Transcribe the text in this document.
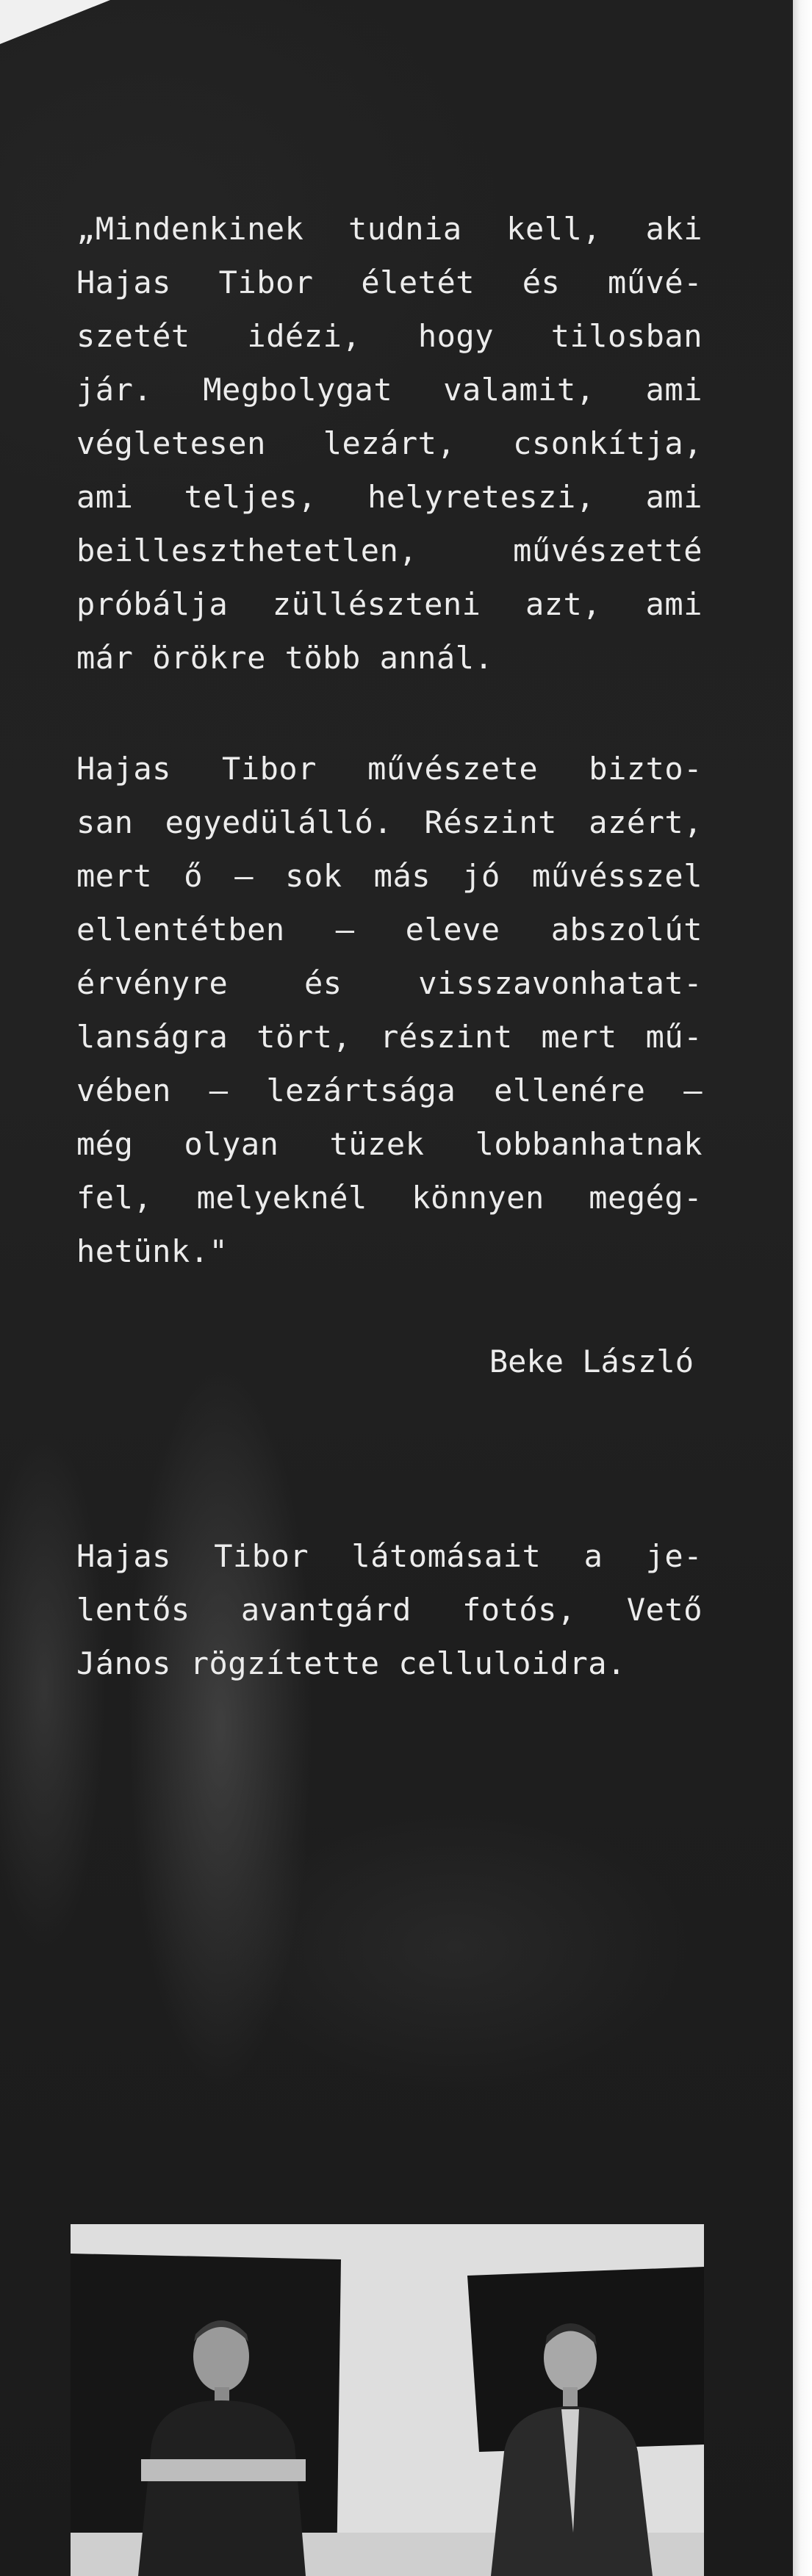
„Mindenkinek tudnia kell, aki
Hajas Tibor életét és művé-
szetét idézi, hogy tilosban
jár. Megbolygat valamit, ami
végletesen lezárt, csonkítja,
ami teljes, helyreteszi, ami
beilleszthetetlen, művészetté
próbálja züllészteni azt, ami
már örökre több annál.
Hajas Tibor művészete bizto-
san egyedülálló. Részint azért,
mert ő — sok más jó művésszel
ellentétben — eleve abszolút
érvényre és visszavonhatat-
lanságra tört, részint mert mű-
vében — lezártsága ellenére —
még olyan tüzek lobbanhatnak
fel, melyeknél könnyen megég-
hetünk."
Beke László
Hajas Tibor látomásait a je-
lentős avantgárd fotós, Vető
János rögzítette celluloidra.
